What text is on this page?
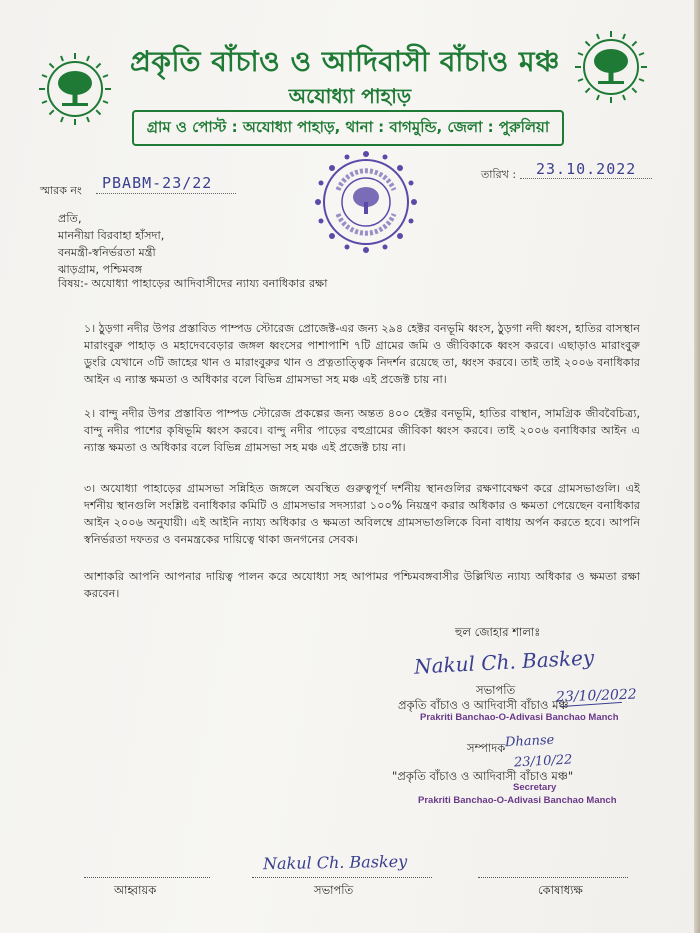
প্রকৃতি বাঁচাও ও আদিবাসী বাঁচাও মঞ্চ
অযোধ্যা পাহাড়
গ্রাম ও পোস্ট : অযোধ্যা পাহাড়, থানা : বাগমুন্ডি, জেলা : পুরুলিয়া
স্মারক নং PBABM-23/22	তারিখ : 23.10.2022
প্রতি,
মাননীয়া বিরবাহা হাঁসদা,
বনমন্ত্রী-স্বনির্ভরতা মন্ত্রী
ঝাড়গ্রাম, পশ্চিমবঙ্গ
বিষয়:- অযোধ্যা পাহাড়ের আদিবাসীদের ন্যায্য বনাধিকার রক্ষা
১। ঠুড়গা নদীর উপর প্রস্তাবিত পাম্পড স্টোরেজ প্রোজেক্ট-এর জন্য ২৯৪ হেক্টর বনভূমি ধ্বংস, ঠুড়গা নদী ধ্বংস, হাতির বাসস্থান মারাংবুরু পাহাড় ও মহাদেববেড়ার জঙ্গল ধ্বংসের পাশাপাশি ৭টি গ্রামের জমি ও জীবিকাকে ধ্বংস করবে। এছাড়াও মারাংবুরু ডুংরি যেখানে ৩টি জাহের থান ও মারাংবুরুর থান ও প্রত্নতাত্ত্বিক নিদর্শন রয়েছে তা, ধ্বংস করবে। তাই তাই ২০০৬ বনাধিকার আইন এ ন্যাস্ত ক্ষমতা ও অধিকার বলে বিভিন্ন গ্রামসভা সহ মঞ্চ এই প্রজেক্ট চায় না।
২। বান্দু নদীর উপর প্রস্তাবিত পাম্পড স্টোরেজ প্রকল্পের জন্য অন্তত ৪০০ হেক্টর বনভূমি, হাতির বাস্থান, সামগ্রিক জীববৈচিত্র্য, বান্দু নদীর পাশের কৃষিভূমি ধ্বংস করবে। বান্দু নদীর পাড়ের বহুগ্রামের জীবিকা ধ্বংস করবে। তাই ২০০৬ বনাধিকার আইন এ ন্যাস্ত ক্ষমতা ও অধিকার বলে বিভিন্ন গ্রামসভা সহ মঞ্চ এই প্রজেক্ট চায় না।
৩। অযোধ্যা পাহাড়ের গ্রামসভা সন্নিহিত জঙ্গলে অবস্থিত গুরুত্বপূর্ণ দর্শনীয় স্থানগুলির রক্ষণাবেক্ষণ করে গ্রামসভাগুলি। এই দর্শনীয় স্থানগুলি সংশ্লিষ্ট বনাধিকার কমিটি ও গ্রামসভার সদস্যারা ১০০% নিয়ন্ত্রণ করার অধিকার ও ক্ষমতা পেয়েছেন বনাধিকার আইন ২০০৬ অনুযায়ী। এই আইনি ন্যায্য অধিকার ও ক্ষমতা অবিলম্বে গ্রামসভাগুলিকে বিনা বাধায় অর্পন করতে হবে। আপনি স্বনির্ভরতা দফতর ও বনমন্ত্রকের দায়িত্বে থাকা জনগনের সেবক।
আশাকরি আপনি আপনার দায়িত্ব পালন করে অযোধ্যা সহ আপামর পশ্চিমবঙ্গবাসীর উল্লিখিত ন্যায্য অধিকার ও ক্ষমতা রক্ষা করবেন।
হুল জোহার শালাঃ
Nakul Ch. Baskey
সভাপতি	23/10/2022
প্রকৃতি বাঁচাও ও আদিবাসী বাঁচাও মঞ্চ
Prakriti Banchao-O-Adivasi Banchao Manch
সম্পাদক Dhanse
23/10/22
"প্রকৃতি বাঁচাও ও আদিবাসী বাঁচাও মঞ্চ"
Secretary
Prakriti Banchao-O-Adivasi Banchao Manch
Nakul Ch. Baskey
আহ্বায়ক	সভাপতি	কোষাধ্যক্ষ
